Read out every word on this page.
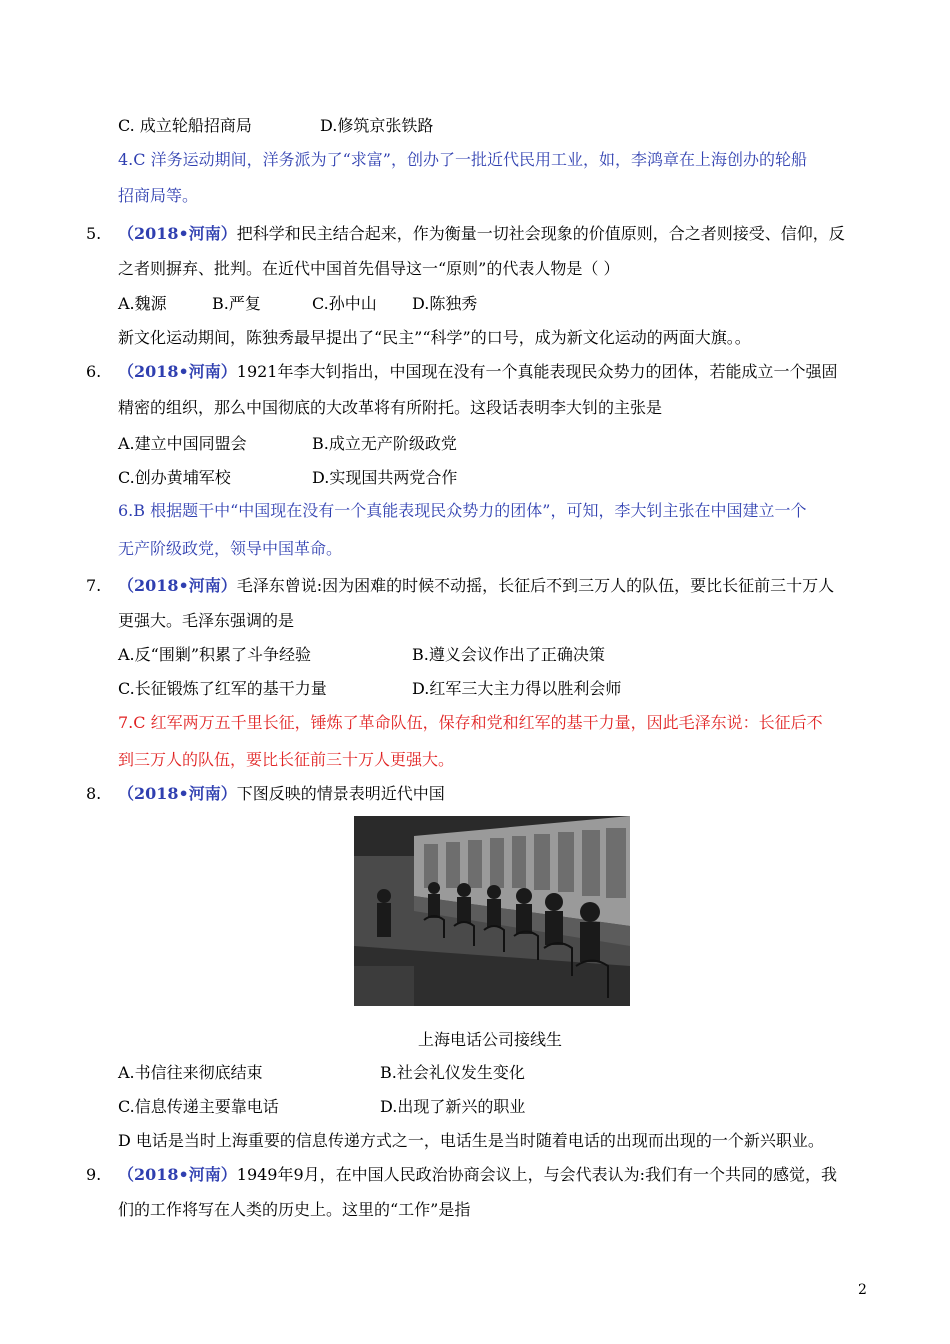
C. 成立轮船招商局	D.修筑京张铁路
4.C 洋务运动期间，洋务派为了“求富”，创办了一批近代民用工业，如，李鸿章在上海创办的轮船
招商局等。
5. （2018•河南）把科学和民主结合起来，作为衡量一切社会现象的价值原则，合之者则接受、信仰，反
之者则摒弃、批判。在近代中国首先倡导这一“原则”的代表人物是（ ）
A.魏源	B.严复	C.孙中山 D.陈独秀
新文化运动期间，陈独秀最早提出了“民主”“科学”的口号，成为新文化运动的两面大旗。。
6. （2018•河南）1921年李大钊指出，中国现在没有一个真能表现民众势力的团体，若能成立一个强固
精密的组织，那么中国彻底的大改革将有所附托。这段话表明李大钊的主张是
A.建立中国同盟会	B.成立无产阶级政党
C.创办黄埔军校	D.实现国共两党合作
6.B 根据题干中“中国现在没有一个真能表现民众势力的团体”，可知，李大钊主张在中国建立一个
无产阶级政党，领导中国革命。
7. （2018•河南）毛泽东曾说:因为困难的时候不动摇，长征后不到三万人的队伍，要比长征前三十万人
更强大。毛泽东强调的是
A.反“围剿”积累了斗争经验	B.遵义会议作出了正确决策
C.长征锻炼了红军的基干力量	D.红军三大主力得以胜利会师
7.C 红军两万五千里长征，锤炼了革命队伍，保存和党和红军的基干力量，因此毛泽东说：长征后不
到三万人的队伍，要比长征前三十万人更强大。
8. （2018•河南）下图反映的情景表明近代中国
上海电话公司接线生
A.书信往来彻底结束	B.社会礼仪发生变化
C.信息传递主要靠电话	D.出现了新兴的职业
D 电话是当时上海重要的信息传递方式之一，电话生是当时随着电话的出现而出现的一个新兴职业。
9. （2018•河南）1949年9月，在中国人民政治协商会议上，与会代表认为:我们有一个共同的感觉，我
们的工作将写在人类的历史上。这里的“工作”是指
2
